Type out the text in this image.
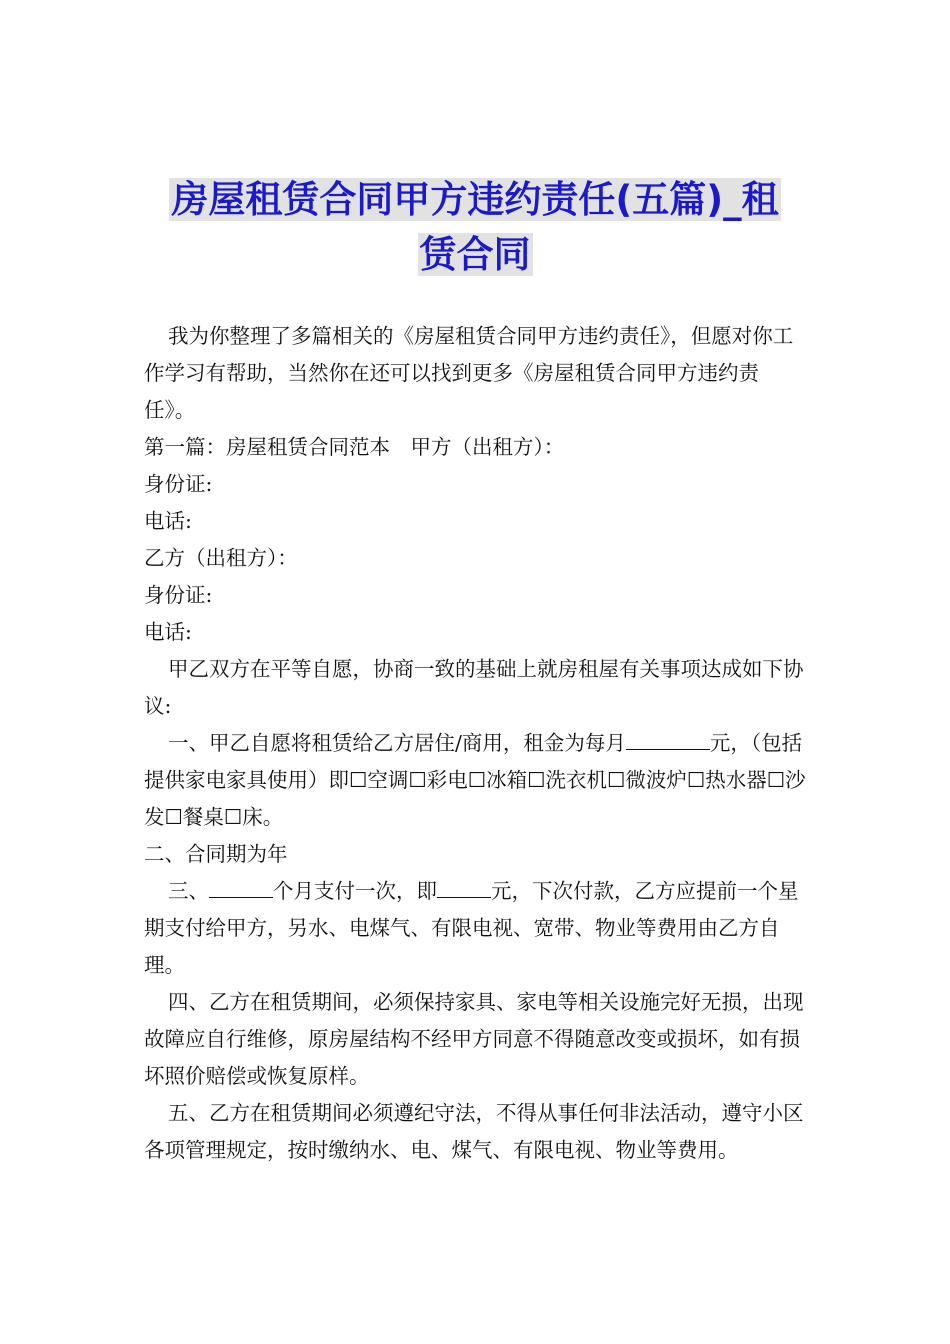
房屋租赁合同甲方违约责任(五篇)_租
赁合同

我为你整理了多篇相关的《房屋租赁合同甲方违约责任》，但愿对你工作学习有帮助，当然你在还可以找到更多《房屋租赁合同甲方违约责任》。

第一篇：房屋租赁合同范本　甲方（出租方）：

身份证:

电话:

乙方（出租方）：

身份证:

电话:

甲乙双方在平等自愿，协商一致的基础上就房租屋有关事项达成如下协议:

一、甲乙自愿将租赁给乙方居住/商用，租金为每月	元，（包括提供家电家具使用）即☐空调☐彩电☐冰箱☐洗衣机☐微波炉☐热水器☐沙发☐餐桌☐床。

二、合同期为年

三、	个月支付一次，即	元，下次付款，乙方应提前一个星期支付给甲方，另水、电煤气、有限电视、宽带、物业等费用由乙方自理。

四、乙方在租赁期间，必须保持家具、家电等相关设施完好无损，出现故障应自行维修，原房屋结构不经甲方同意不得随意改变或损坏，如有损坏照价赔偿或恢复原样。

五、乙方在租赁期间必须遵纪守法，不得从事任何非法活动，遵守小区各项管理规定，按时缴纳水、电、煤气、有限电视、物业等费用。
